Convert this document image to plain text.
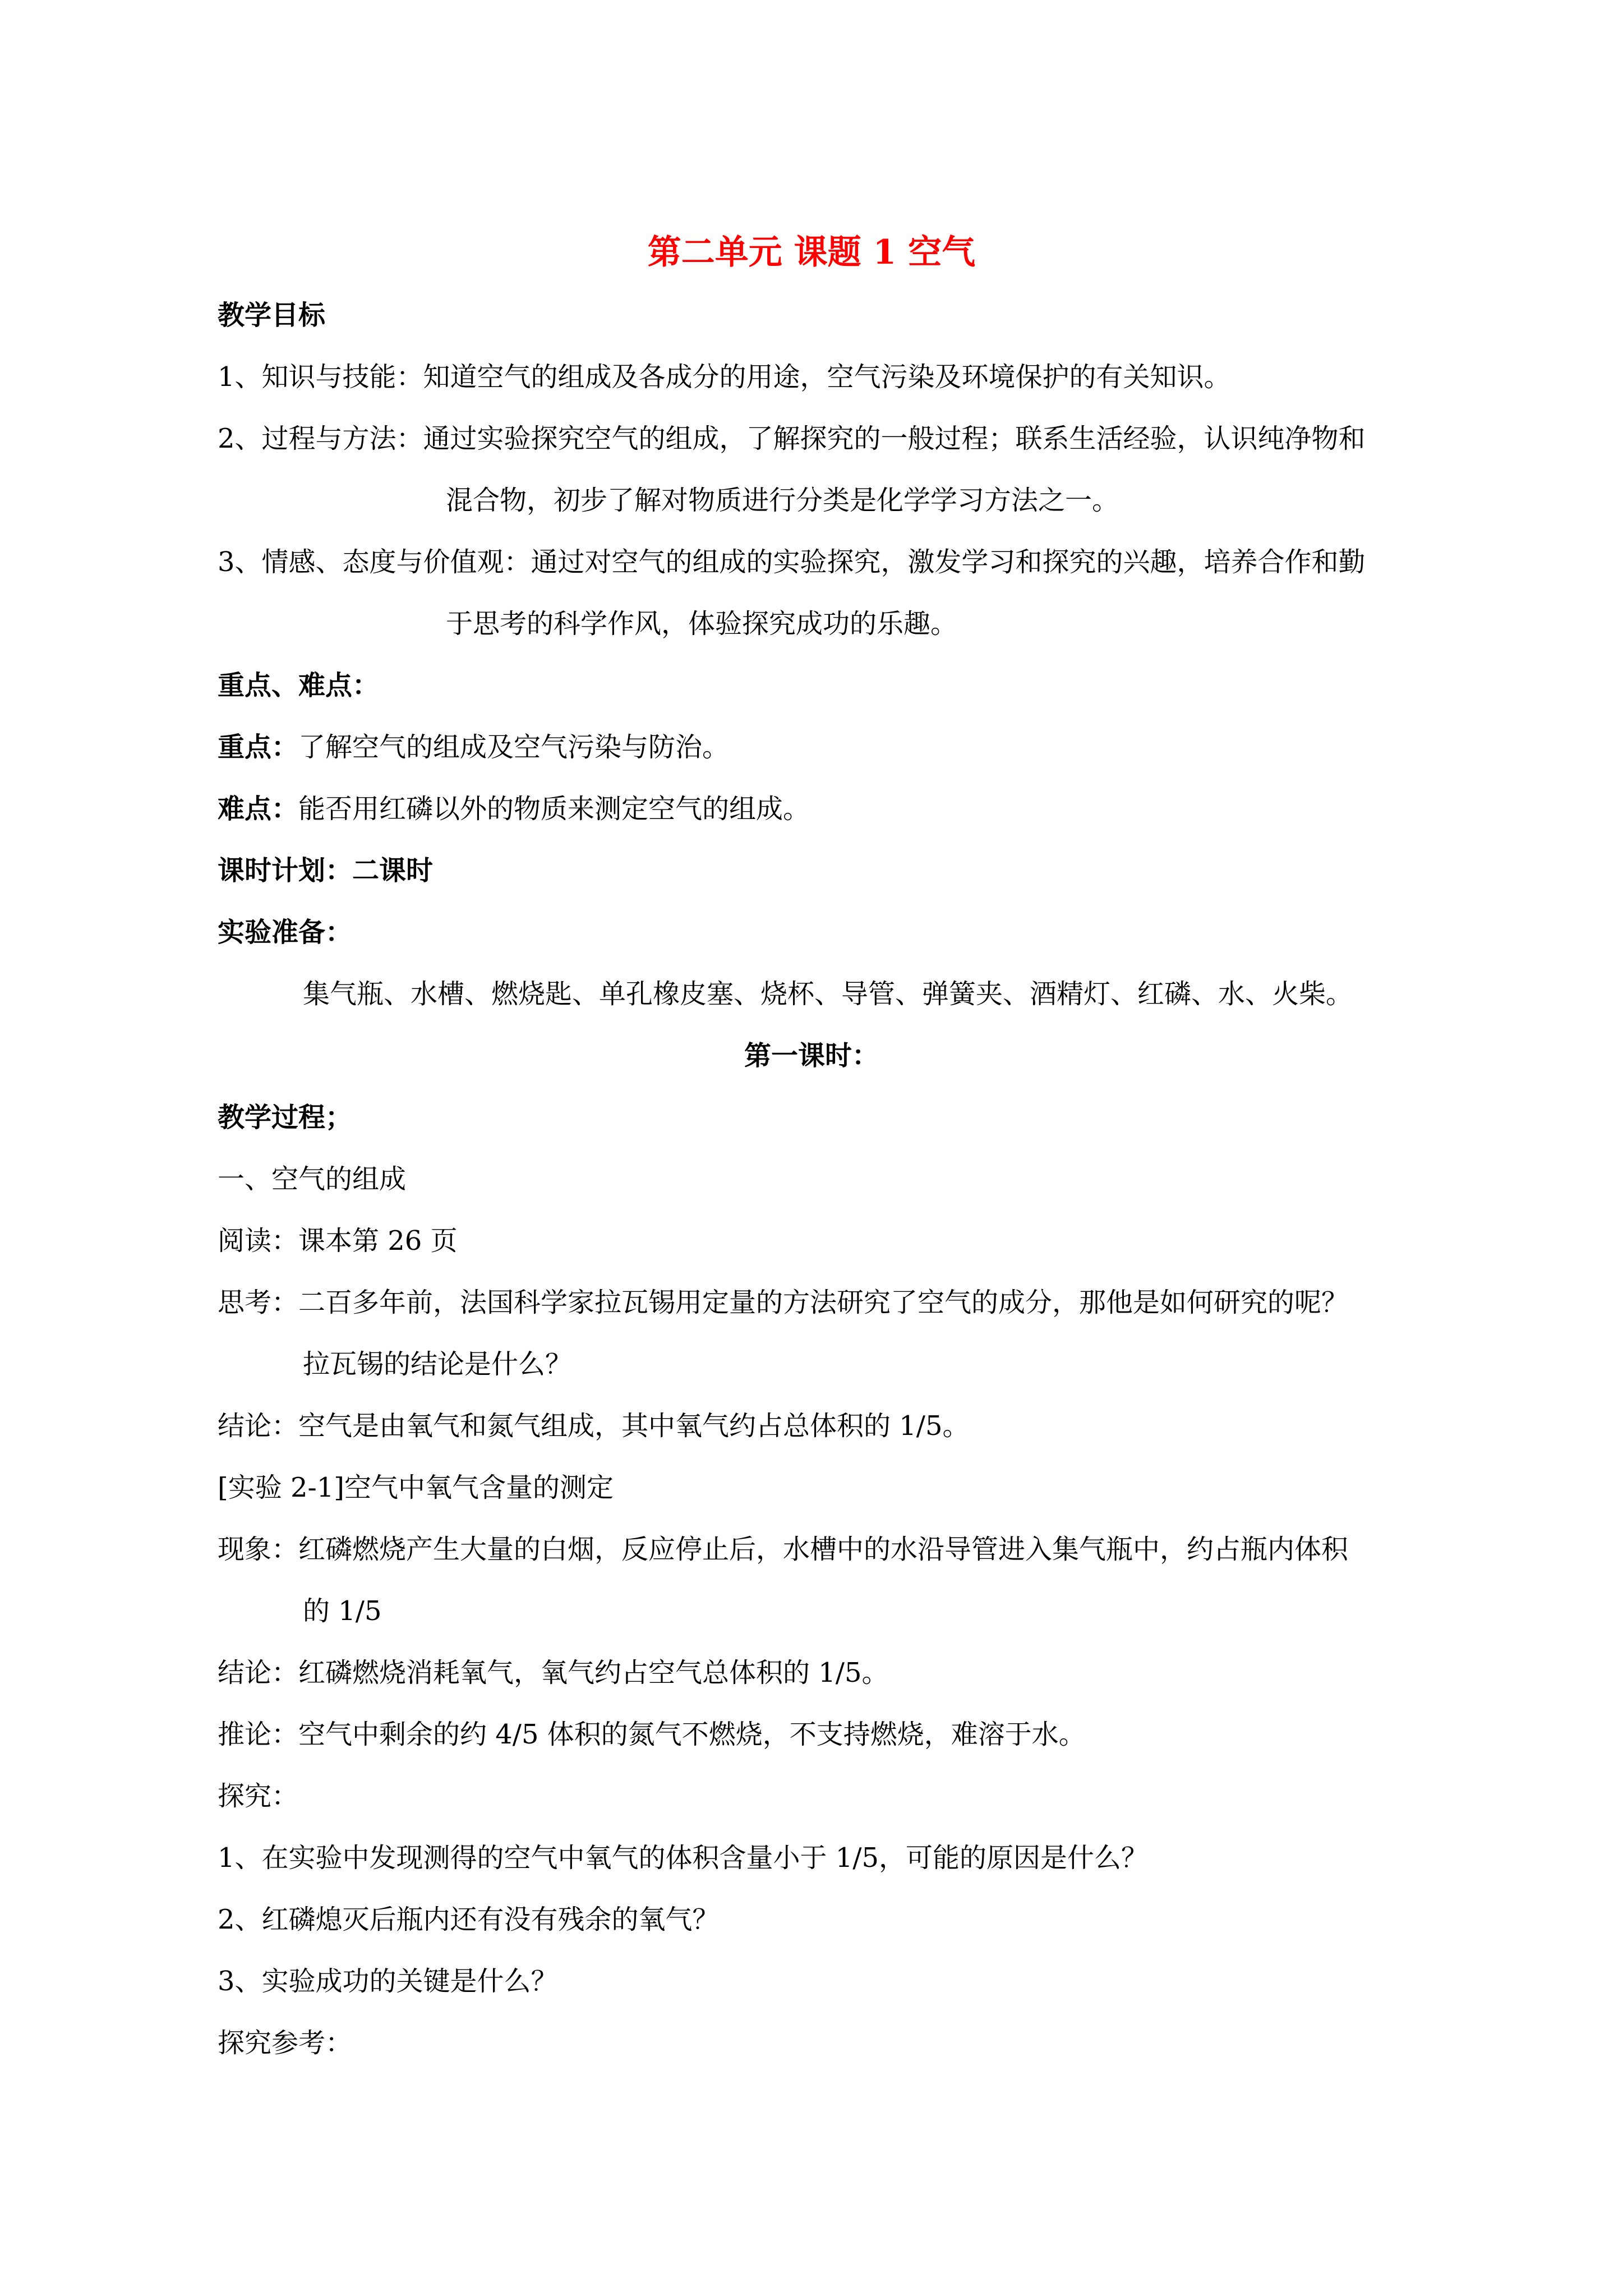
第二单元 课题 1 空气
教学目标
1、知识与技能：知道空气的组成及各成分的用途，空气污染及环境保护的有关知识。
2、过程与方法：通过实验探究空气的组成，了解探究的一般过程；联系生活经验，认识纯净物和
混合物，初步了解对物质进行分类是化学学习方法之一。
3、情感、态度与价值观：通过对空气的组成的实验探究，激发学习和探究的兴趣，培养合作和勤
于思考的科学作风，体验探究成功的乐趣。
重点、难点：
重点：了解空气的组成及空气污染与防治。
难点：能否用红磷以外的物质来测定空气的组成。
课时计划：二课时
实验准备：
集气瓶、水槽、燃烧匙、单孔橡皮塞、烧杯、导管、弹簧夹、酒精灯、红磷、水、火柴。
第一课时：
教学过程；
一、空气的组成
阅读：课本第 26 页
思考：二百多年前，法国科学家拉瓦锡用定量的方法研究了空气的成分，那他是如何研究的呢？
拉瓦锡的结论是什么？
结论：空气是由氧气和氮气组成，其中氧气约占总体积的 1/5。
[实验 2-1]空气中氧气含量的测定
现象：红磷燃烧产生大量的白烟，反应停止后，水槽中的水沿导管进入集气瓶中，约占瓶内体积
的 1/5
结论：红磷燃烧消耗氧气，氧气约占空气总体积的 1/5。
推论：空气中剩余的约 4/5 体积的氮气不燃烧，不支持燃烧，难溶于水。
探究：
1、在实验中发现测得的空气中氧气的体积含量小于 1/5，可能的原因是什么？
2、红磷熄灭后瓶内还有没有残余的氧气？
3、实验成功的关键是什么？
探究参考：
